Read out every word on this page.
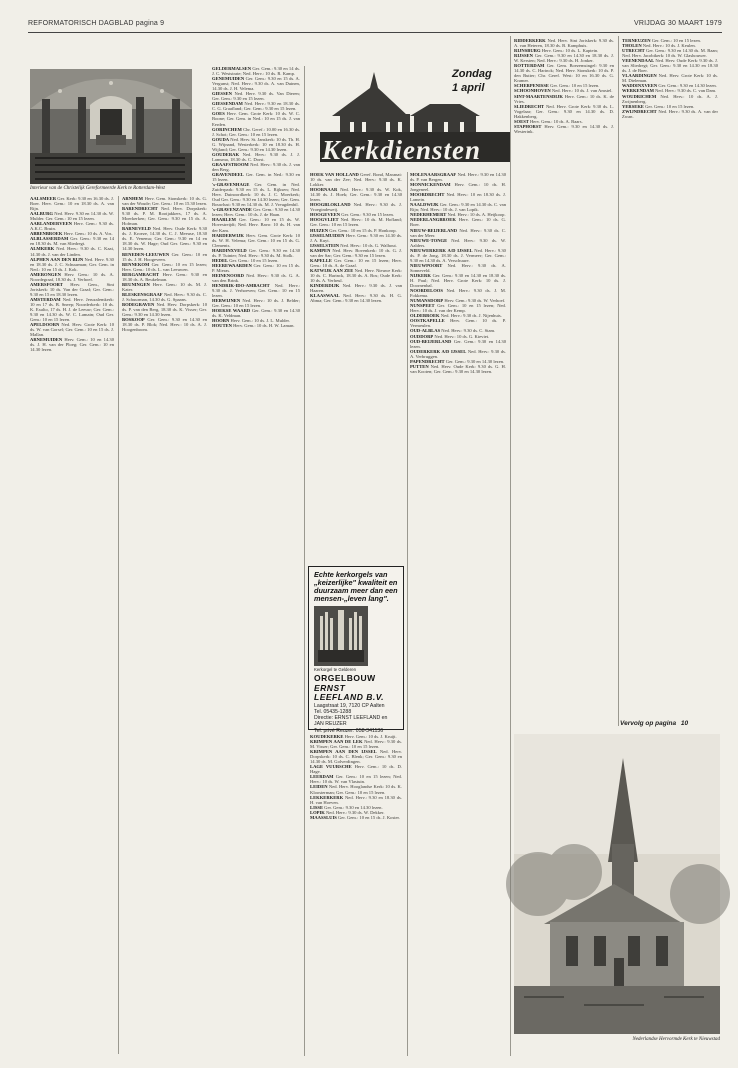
REFORMATORISCH DAGBLAD pagina 9	VRIJDAG 30 MAART 1979
Interieur van de Christelijk Gereformeerde Kerk te Rotterdam-West

AALSMEER Ger. Kerk: 9.30 en 16.30 ds. J. Boer. Herv. Gem.: 10 en 18.30 ds. A. van Rijn.

AALBURG Ned. Herv. 9.30 en 14.30 ds. W. Mulder. Ger. Gem.: 10 en 15 lezen.

AARLANDERVEEN Herv. Gem.: 9.30 ds. A.K.C. Bruin.

ABBENBROEK Herv. Gem.: 10 ds. A. Vos.

ALBLASSERDAM Ger. Gem.: 9.30 en 14 en 18.30 ds. M. van Sliedregt.

ALMKERK Ned. Herv.: 9.30 ds. C. Kaai, 14.30 ds. J. van der Linden.

ALPHEN AAN DEN RIJN Ned. Herv. 9.30 en 18.30 ds. J. C. Schuurman; Ger. Gem. in Ned.: 10 en 15 ds. J. Kok.

AMERONGEN Herv. Gem.: 10 ds. A. Noordegraaf, 18.30 ds. J. Verhoef.

AMERSFOORT Herv. Gem., Sint Joriskerk: 10 ds. Van der Graaf; Ger. Gem.: 9.30 en 15 en 18.30 lezen.

AMSTERDAM Ned. Herv. Jeruzalemkerk: 10 en 17 ds. B. Sneep; Noorderkerk: 10 ds. K. Exalto, 17 ds. H. J. de Leeuw; Ger. Gem.: 9.30 en 14.30 ds. W. C. Lamain; Oud Ger. Gem.: 10 en 15 lezen.

APELDOORN Ned. Herv. Grote Kerk: 10 ds. W. van Gorsel; Ger. Gem.: 10 en 15 ds. J. Mallan.

ARNEMUIDEN Herv. Gem.: 10 en 14.30 ds. J. H. van der Ploeg; Ger. Gem.: 10 en 14.30 lezen.

ARNHEM Herv. Gem. Sionskerk: 10 ds. G. van der Woude; Ger. Gem.: 10 en 15.30 lezen.

BARENDRECHT Ned. Herv. Dorpskerk: 9.30 ds. P. M. Rooijakkers, 17 ds. A. Moerkerken; Ger. Gem.: 9.30 en 15 ds. A. Hofman.

BARNEVELD Ned. Herv. Oude Kerk: 9.30 ds. J. Kroeze, 14.30 ds. C. J. Meeuse, 18.30 ds. E. Venema; Ger. Gem.: 9.30 en 14 en 18.30 ds. W. Hage; Oud Ger. Gem.: 9.30 en 14.30 lezen.

BENEDEN-LEEUWEN Ger. Gem.: 10 en 15 ds. J. H. Hoogeveen.

BENNEKOM Ger. Gem.: 10 en 15 lezen; Herv. Gem.: 10 ds. L. van Leeuwen.

BERGAMBACHT Herv. Gem.: 9.30 en 18.30 ds. A. Beukelman.

BEUNINGEN Herv. Gem.: 10 ds. M. J. Kater.

BLESKENSGRAAF Ned. Herv.: 9.30 ds. C. J. Schuurman, 14.30 ds. G. Spaans.

BODEGRAVEN Ned. Herv. Dorpskerk: 10 ds. P. van den Berg, 18.30 ds. K. Visser; Ger. Gem.: 9.30 en 14.30 lezen.

BOSKOOP Ger. Gem.: 9.30 en 14.30 en 18.30 ds. P. Blok; Ned. Herv.: 10 ds. A. J. Hoogenboom.

GELDERMALSEN Ger. Gem.: 9.30 en 14 ds. J. C. Weststrate; Ned. Herv.: 10 ds. R. Kamp.

GENEMUIDEN Ger. Gem.: 9.30 en 15 ds. A. Vergunst; Ned. Herv.: 9.30 ds. A. van Duinen, 14.30 ds. J. H. Velema.

GIESSEN Ned. Herv. 9.30 ds. Van Dieren; Ger. Gem.: 9.30 en 15 lezen.

GIESSENDAM Ned. Herv.: 9.30 en 18.30 ds. C. G. Graafland; Ger. Gem.: 9.30 en 15 lezen.

GOES Herv. Gem. Grote Kerk: 10 ds. W. C. Boone; Ger. Gem. in Ned.: 10 en 15 ds. J. van Eerden.

GORINCHEM Chr. Geref.: 10.00 en 16.30 ds. J. Schot; Ger. Gem.: 10 en 15 lezen.

GOUDA Ned. Herv. St. Janskerk: 10 ds. Th. H. G. Wijnand, Westerkerk: 10 en 18.30 ds. H. Wijland; Ger. Gem.: 9.30 en 14.30 lezen.

GOUDERAK Ned. Herv.: 9.30 ds. J. J. Lamsma, 18.30 ds. C. Dorst.

GRAAFSTROOM Ned. Herv.: 9.30 ds. J. van den Berg.

GRAVENDEEL Ger. Gem. in Ned.: 9.30 en 15 lezen.

's-GRAVENHAGE Ger. Gem. in Ned. Zuiderpark: 9.30 en 15 ds. L. Rijksen; Ned. Herv. Duinoordkerk: 10 ds. J. C. Moerkerk; Oud Ger. Gem.: 9.30 en 14.30 lezen; Ger. Gem. Bouwlust: 9.30 en 14.30 ds. M. J. Vreugdenhil.

's-GRAVENZANDE Ger. Gem.: 9.30 en 14.30 lezen; Herv. Gem.: 10 ds. J. de Haan.

HAARLEM Ger. Gem.: 10 en 15 ds. W. Hovestreijdt; Ned. Herv. Bavo: 10 ds. H. van der Kam.

HARDERWIJK Herv. Gem. Grote Kerk: 10 ds. W. H. Velema; Ger. Gem.: 10 en 15 ds. G. Clements.

HARDINXVELD Ger. Gem.: 9.30 en 14.30 ds. P. Tuinier; Ned. Herv.: 9.30 ds. M. Stolk.

HEDEL Ger. Gem.: 10 en 15 lezen.

HEEREWAARDEN Ger. Gem.: 10 en 15 ds. P. Mieras.

HEINENOORD Ned. Herv.: 9.30 ds. G. A. van den Brink.

HENDRIK-IDO-AMBACHT Ned. Herv.: 9.30 ds. J. Verhoeven; Ger. Gem.: 10 en 15 lezen.

HERWIJNEN Ned. Herv.: 10 ds. J. Belder; Ger. Gem.: 10 en 15 lezen.

HOEKSE WAARD Ger. Gem.: 9.30 en 14.30 ds. K. Veldman.

HOORN Herv. Gem.: 10 ds. J. L. Mulder.

HOUTEN Herv. Gem.: 10 ds. H. W. Laman.

Zondag
1 april
Kerkdiensten

HOEK VAN HOLLAND Geref. Bond, Maranat: 10 ds. van der Zee; Ned. Herv.: 9.30 ds. K. Lokker.

HOORNAAR Ned. Herv.: 9.30 ds. W. Kok, 14.30 ds. J. Hoek; Ger. Gem.: 9.30 en 14.30 lezen.

HOOGBLOKLAND Ned. Herv.: 9.30 ds. J. Vroegindeweij.

HOOGEVEEN Ger. Gem.: 9.30 en 15 lezen.

HOOGVLIET Ned. Herv.: 10 ds. M. Hofland; Ger. Gem.: 10 en 15 lezen.

HUIZEN Ger. Gem.: 10 en 15 ds. P. Honkoop.

IJSSELMUIDEN Herv. Gem.: 9.30 en 14.30 ds. J. A. Kuyt.

IJSSELSTEIN Ned. Herv.: 10 ds. G. Walhout.

KAMPEN Ned. Herv. Bovenkerk: 10 ds. G. J. van der Sar; Ger. Gem.: 9.30 en 15 lezen.

KAPELLE Ger. Gem.: 10 en 15 lezen; Herv. Gem.: 10 ds. A. de Graaf.

KATWIJK AAN ZEE Ned. Herv. Nieuwe Kerk: 10 ds. C. Harinck, 18.30 ds. A. Bos; Oude Kerk: 10 ds. A. Verheul.

KINDERDIJK Ned. Herv.: 9.30 ds. J. van Haaren.

KLAASWAAL Ned. Herv.: 9.30 ds. H. G. Abma; Ger. Gem.: 9.30 en 14.30 lezen.

MOLENAARSGRAAF Ned. Herv.: 9.30 en 14.30 ds. P. van Bergen.

MONNICKENDAM Herv. Gem.: 10 ds. H. Jongeneel.

MOORDRECHT Ned. Herv.: 10 en 18.30 ds. J. Lamein.

NAALDWIJK Ger. Gem.: 9.30 en 14.30 ds. C. van Rijn; Ned. Herv.: 10 ds. J. van Lopik.

NEDERHEMERT Ned. Herv.: 10 ds. A. Heijkoop.

NEDERLANGBROEK Herv. Gem.: 10 ds. G. Boer.

NIEUW-BEIJERLAND Ned. Herv.: 9.30 ds. C. van der Meer.

NIEUWE-TONGE Ned. Herv.: 9.30 ds. W. Aalders.

NIEUWERKERK A/D IJSSEL Ned. Herv.: 9.30 ds. P. de Jong, 18.30 ds. J. Vermeer; Ger. Gem.: 9.30 en 14.30 ds. A. Verschuure.

NIEUWPOORT Ned. Herv.: 9.30 ds. A. Sonneveld.

NIJKERK Ger. Gem.: 9.30 en 14.30 en 18.30 ds. H. Paul; Ned. Herv. Grote Kerk: 10 ds. J. Doornenbal.

NOORDELOOS Ned. Herv.: 9.30 ds. J. M. Fokkema.

NUMANSDORP Herv. Gem.: 9.30 ds. W. Verhoef.

NUNSPEET Ger. Gem.: 10 en 15 lezen; Ned. Herv.: 10 ds. J. van der Kemp.

OLDEBROEK Ned. Herv.: 9.30 ds. J. Nijenhuis.

OOSTKAPELLE Herv. Gem.: 10 ds. P. Vermeulen.

OUD-ALBLAS Ned. Herv.: 9.30 ds. C. Stam.

OUDDORP Ned. Herv.: 10 ds. G. Kieviet.

OUD-BEIJERLAND Ger. Gem.: 9.30 en 14.30 lezen.

OUDERKERK A/D IJSSEL Ned. Herv.: 9.30 ds. A. Verbruggen.

PAPENDRECHT Ger. Gem.: 9.30 en 14.30 lezen.

PUTTEN Ned. Herv. Oude Kerk: 9.30 ds. G. H. van Kooten; Ger. Gem.: 9.30 en 14.30 lezen.

Echte kerkorgels van „keizerlijke" kwaliteit en duurzaam meer dan een mensen-„leven lang".
Kerkorgel te Gelderen
ORGELBOUW
ERNST
LEEFLAND B.V.
Laagstraat 19, 7120 CP Aalten
Tel. 05435-1288
Directie: ERNST LEEFLAND en JAN REUZER
Tel. privé Reuzer: 058-341136

KOUDEKERKE Herv. Gem.: 10 ds. J. Kruijt.

KRIMPEN AAN DE LEK Ned. Herv.: 9.30 ds. M. Visser; Ger. Gem.: 10 en 15 lezen.

KRIMPEN AAN DEN IJSSEL Ned. Herv. Dorpskerk: 10 ds. C. Blenk; Ger. Gem.: 9.30 en 14.30 ds. M. Golverdingen.

LAGE VUURSCHE Herv. Gem.: 10 ds. D. Hage.

LEERDAM Ger. Gem.: 10 en 15 lezen; Ned. Herv.: 10 ds. W. van Vlastuin.

LEIDEN Ned. Herv. Hooglandse Kerk: 10 ds. K. Kloosterman; Ger. Gem.: 10 en 15 lezen.

LEKKERKERK Ned. Herv.: 9.30 en 18.30 ds. H. van Hoeven.

LISSE Ger. Gem.: 9.30 en 14.30 lezen.

LOPIK Ned. Herv.: 9.30 ds. W. Dekker.

MAASSLUIS Ger. Gem.: 10 en 15 ds. J. Koster.

RIDDERKERK Ned. Herv. Sint Joriskerk: 9.30 ds. A. van Heteren, 18.30 ds. B. Kamphuis.

RIJNSBURG Herv. Gem.: 10 ds. L. Kaptein.

RIJSSEN Ger. Gem.: 9.30 en 14.30 en 18.30 ds. J. W. Kersten; Ned. Herv.: 9.30 ds. H. Jonker.

ROTTERDAM Ger. Gem. Boezemsingel: 9.30 en 14.30 ds. C. Harinck; Ned. Herv. Sionskerk: 10 ds. P. den Butter; Chr. Geref. West: 10 en 16.30 ds. G. Kramer.

SCHERPENISSE Ger. Gem.: 10 en 15 lezen.

SCHOONHOVEN Ned. Herv.: 10 ds. J. van Amstel.

SINT-MAARTENSDIJK Herv. Gem.: 10 ds. K. de Vries.

SLIEDRECHT Ned. Herv. Grote Kerk: 9.30 ds. L. Vogelaar; Ger. Gem.: 9.30 en 14.30 ds. D. Hakkenberg.

SOEST Herv. Gem.: 10 ds. A. Baars.

STAPHORST Herv. Gem.: 9.30 en 14.30 ds. J. Westerink.

TERNEUZEN Ger. Gem.: 10 en 15 lezen.

THOLEN Ned. Herv.: 10 ds. J. Keulen.

UTRECHT Ger. Gem.: 9.30 en 14.30 ds. M. Baan; Ned. Herv. Jacobikerk: 10 ds. W. Glashouwer.

VEENENDAAL Ned. Herv. Oude Kerk: 9.30 ds. J. van Sliedregt; Ger. Gem.: 9.30 en 14.30 en 18.30 ds. J. de Boer.

VLAARDINGEN Ned. Herv. Grote Kerk: 10 ds. M. Dieleman.

WADDINXVEEN Ger. Gem.: 9.30 en 14.30 lezen.

WERKENDAM Ned. Herv.: 9.30 ds. C. van Dam.

WOUDRICHEM Ned. Herv.: 10 ds. A. J. Zwijnenberg.

YERSEKE Ger. Gem.: 10 en 15 lezen.

ZWIJNDRECHT Ned. Herv.: 9.30 ds. A. van der Zwan.

Vervolg op pagina 10
Nederlandse Hervormde Kerk te Nieuwstad
